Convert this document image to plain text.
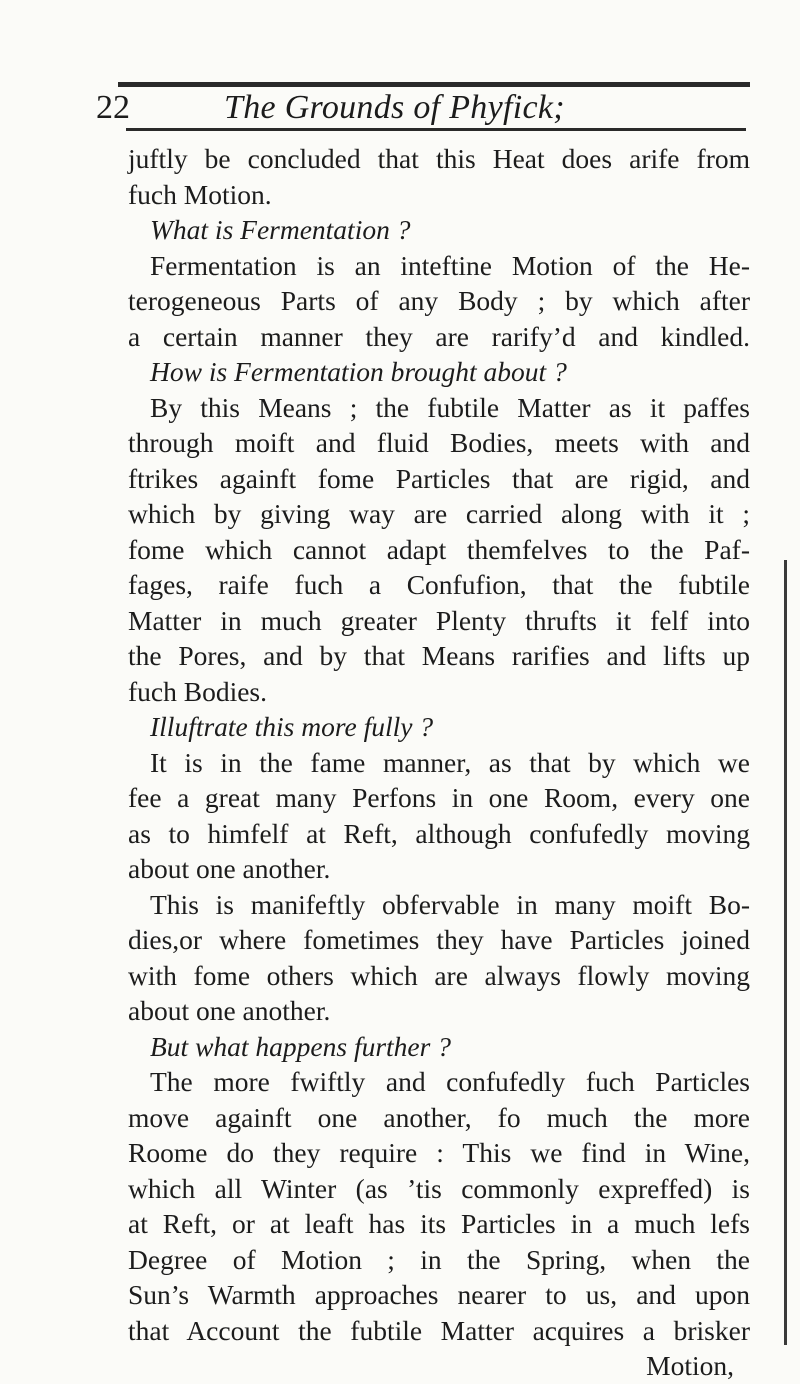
22	The Grounds of Phyfick;
juftly be concluded that this Heat does arife from
fuch Motion.
What is Fermentation ?
Fermentation is an inteftine Motion of the He-
terogeneous Parts of any Body ; by which after
a certain manner they are rarify’d and kindled.
How is Fermentation brought about ?
By this Means ; the fubtile Matter as it paffes
through moift and fluid Bodies, meets with and
ftrikes againft fome Particles that are rigid, and
which by giving way are carried along with it ;
fome which cannot adapt themfelves to the Paf-
fages, raife fuch a Confufion, that the fubtile
Matter in much greater Plenty thrufts it felf into
the Pores, and by that Means rarifies and lifts up
fuch Bodies.
Illuftrate this more fully ?
It is in the fame manner, as that by which we
fee a great many Perfons in one Room, every one
as to himfelf at Reft, although confufedly moving
about one another.
This is manifeftly obfervable in many moift Bo-
dies,or where fometimes they have Particles joined
with fome others which are always flowly moving
about one another.
But what happens further ?
The more fwiftly and confufedly fuch Particles
move againft one another, fo much the more
Roome do they require : This we find in Wine,
which all Winter (as ’tis commonly expreffed) is
at Reft, or at leaft has its Particles in a much lefs
Degree of Motion ; in the Spring, when the
Sun’s Warmth approaches nearer to us, and upon
that Account the fubtile Matter acquires a brisker
Motion,
